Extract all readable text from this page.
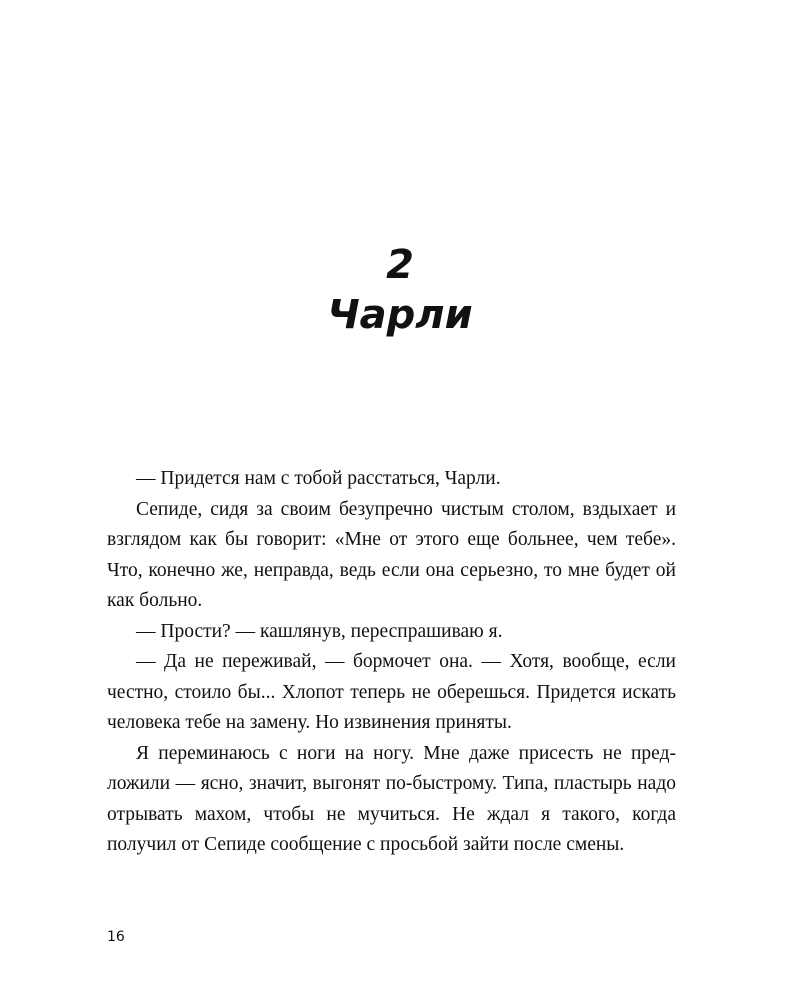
2
Чарли

— Придется нам с тобой расстаться, Чарли.

Сепиде, сидя за своим безупречно чистым столом, вздыхает и взглядом как бы говорит: «Мне от этого еще больнее, чем тебе». Что, конечно же, неправда, ведь если она серьезно, то мне будет ой как больно.

— Прости? — кашлянув, переспрашиваю я.

— Да не переживай, — бормочет она. — Хотя, вообще, если честно, стоило бы... Хлопот теперь не оберешься. Придется искать человека тебе на замену. Но извинения приняты.

Я переминаюсь с ноги на ногу. Мне даже присесть не предложили — ясно, значит, выгонят по-быстрому. Типа, пластырь надо отрывать махом, чтобы не мучиться. Не ждал я такого, когда получил от Сепиде сообщение с просьбой зайти после смены.

16
